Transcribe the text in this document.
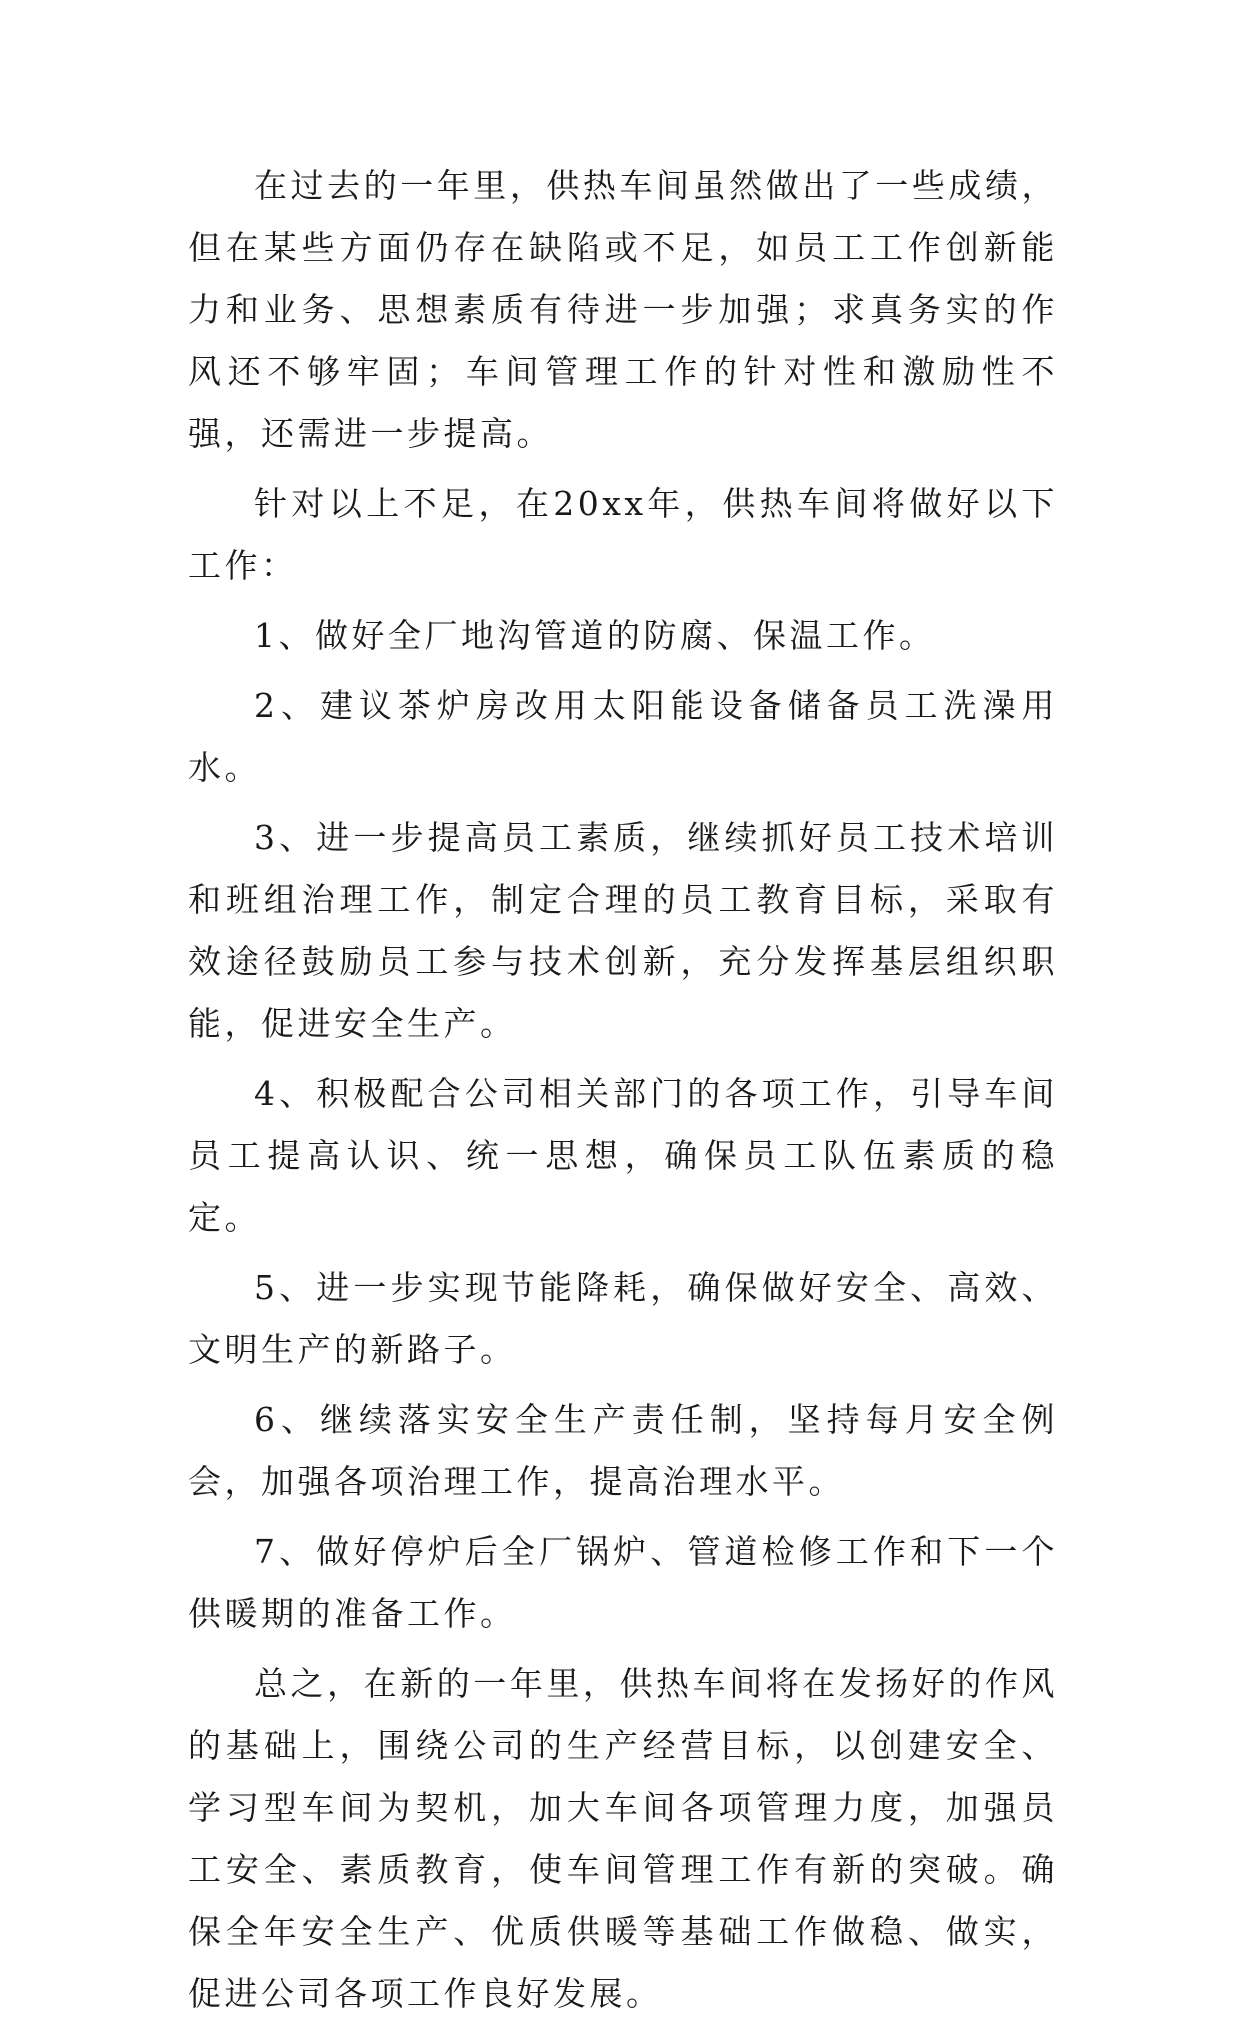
在过去的一年里，供热车间虽然做出了一些成绩，但在某些方面仍存在缺陷或不足，如员工工作创新能力和业务、思想素质有待进一步加强；求真务实的作风还不够牢固；车间管理工作的针对性和激励性不强，还需进一步提高。

针对以上不足，在20xx年，供热车间将做好以下工作：

1、做好全厂地沟管道的防腐、保温工作。

2、建议茶炉房改用太阳能设备储备员工洗澡用水。

3、进一步提高员工素质，继续抓好员工技术培训和班组治理工作，制定合理的员工教育目标，采取有效途径鼓励员工参与技术创新，充分发挥基层组织职能，促进安全生产。

4、积极配合公司相关部门的各项工作，引导车间员工提高认识、统一思想，确保员工队伍素质的稳定。

5、进一步实现节能降耗，确保做好安全、高效、文明生产的新路子。

6、继续落实安全生产责任制，坚持每月安全例会，加强各项治理工作，提高治理水平。

7、做好停炉后全厂锅炉、管道检修工作和下一个供暖期的准备工作。

总之，在新的一年里，供热车间将在发扬好的作风的基础上，围绕公司的生产经营目标，以创建安全、学习型车间为契机，加大车间各项管理力度，加强员工安全、素质教育，使车间管理工作有新的突破。确保全年安全生产、优质供暖等基础工作做稳、做实，促进公司各项工作良好发展。
